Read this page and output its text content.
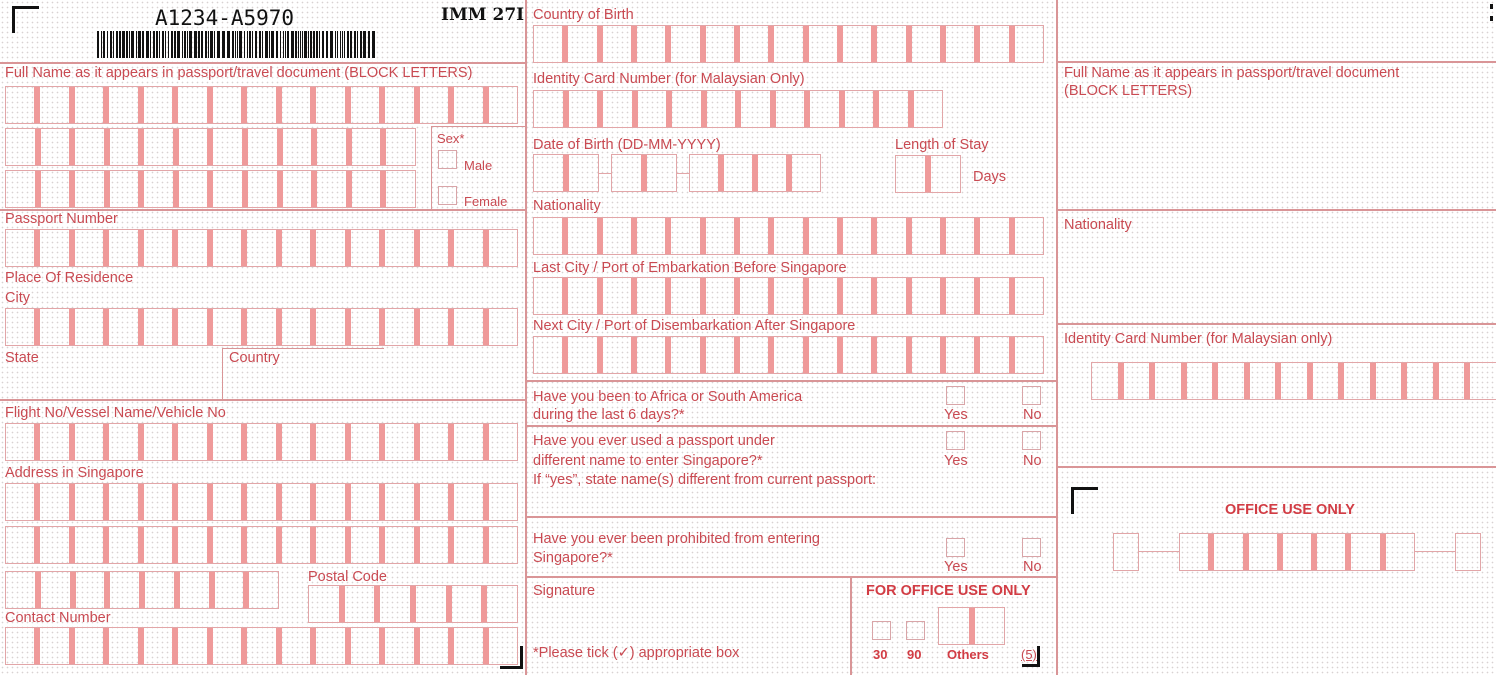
A1234-A5970	IMM 27I
Full Name as it appears in passport/travel document (BLOCK LETTERS)
Sex*
Male
Female
Passport Number
Place Of Residence
City
State	Country
Flight No/Vessel Name/Vehicle No
Address in Singapore
Postal Code
Contact Number
Country of Birth
Identity Card Number (for Malaysian Only)
Date of Birth (DD-MM-YYYY)	Length of Stay
Days
Nationality
Last City / Port of Embarkation Before Singapore
Next City / Port of Disembarkation After Singapore
Have you been to Africa or South America
during the last 6 days?*	Yes	No
Have you ever used a passport under
different name to enter Singapore?*
If “yes”, state name(s) different from current passport:
Yes	No
Have you ever been prohibited from entering
Singapore?*
Yes	No
Signature
*Please tick (✓) appropriate box
FOR OFFICE USE ONLY
30 90 Others (5)
Full Name as it appears in passport/travel document
(BLOCK LETTERS)
Nationality
Identity Card Number (for Malaysian only)
OFFICE USE ONLY
